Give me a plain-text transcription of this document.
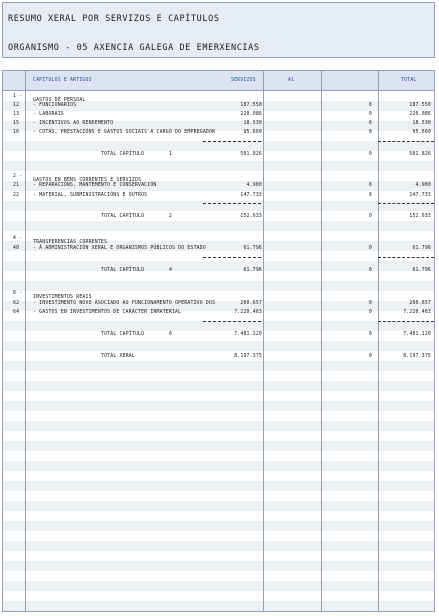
RESUMO XERAL POR SERVIZOS E CAPÍTULOS
ORGANISMO - 05 AXENCIA GALEGA DE EMERXENCIAS
CAPÍTULOS E ARTIGOS	SERVIZOS	A1	TOTAL
1 -
GASTOS DE PERSOAL
12	- FUNCIONARIOS	187.550	0	187.550
13	- LABORAIS	220.086	0	220.086
15	- INCENTIVOS AO RENDEMENTO	18.530	0	18.530
16	- COTAS, PRESTACIÓNS E GASTOS SOCIAIS A CARGO DO EMPREGADOR	95.660	0	95.660
TOTAL CAPÍTULO	1	501.826	0	501.826
2 -
GASTOS EN BENS CORRENTES E SERVIZOS
21	- REPARACIÓNS, MANTEMENTO E CONSERVACIÓN	4.900	0	4.900
22	- MATERIAL, SUBMINISTRACIÓNS E OUTROS	147.733	0	147.733
TOTAL CAPÍTULO	2	152.633	0	152.633
4 -
TRANSFERENCIAS CORRENTES
40	- Á ADMINISTRACIÓN XERAL E ORGANISMOS PÚBLICOS DO ESTADO	61.796	0	61.796
TOTAL CAPÍTULO	4	61.796	0	61.796
6 -
INVESTIMENTOS REAIS
62	- INVESTIMENTO NOVO ASOCIADO AO FUNCIONAMENTO OPERATIVO DOS	260.657	0	260.657
64	- GASTOS EN INVESTIMENTOS DE CARÁCTER INMATERIAL	7.220.463	0	7.220.463
TOTAL CAPÍTULO	6	7.481.120	0	7.481.120
TOTAL XERAL	8.197.375	0	8.197.375
